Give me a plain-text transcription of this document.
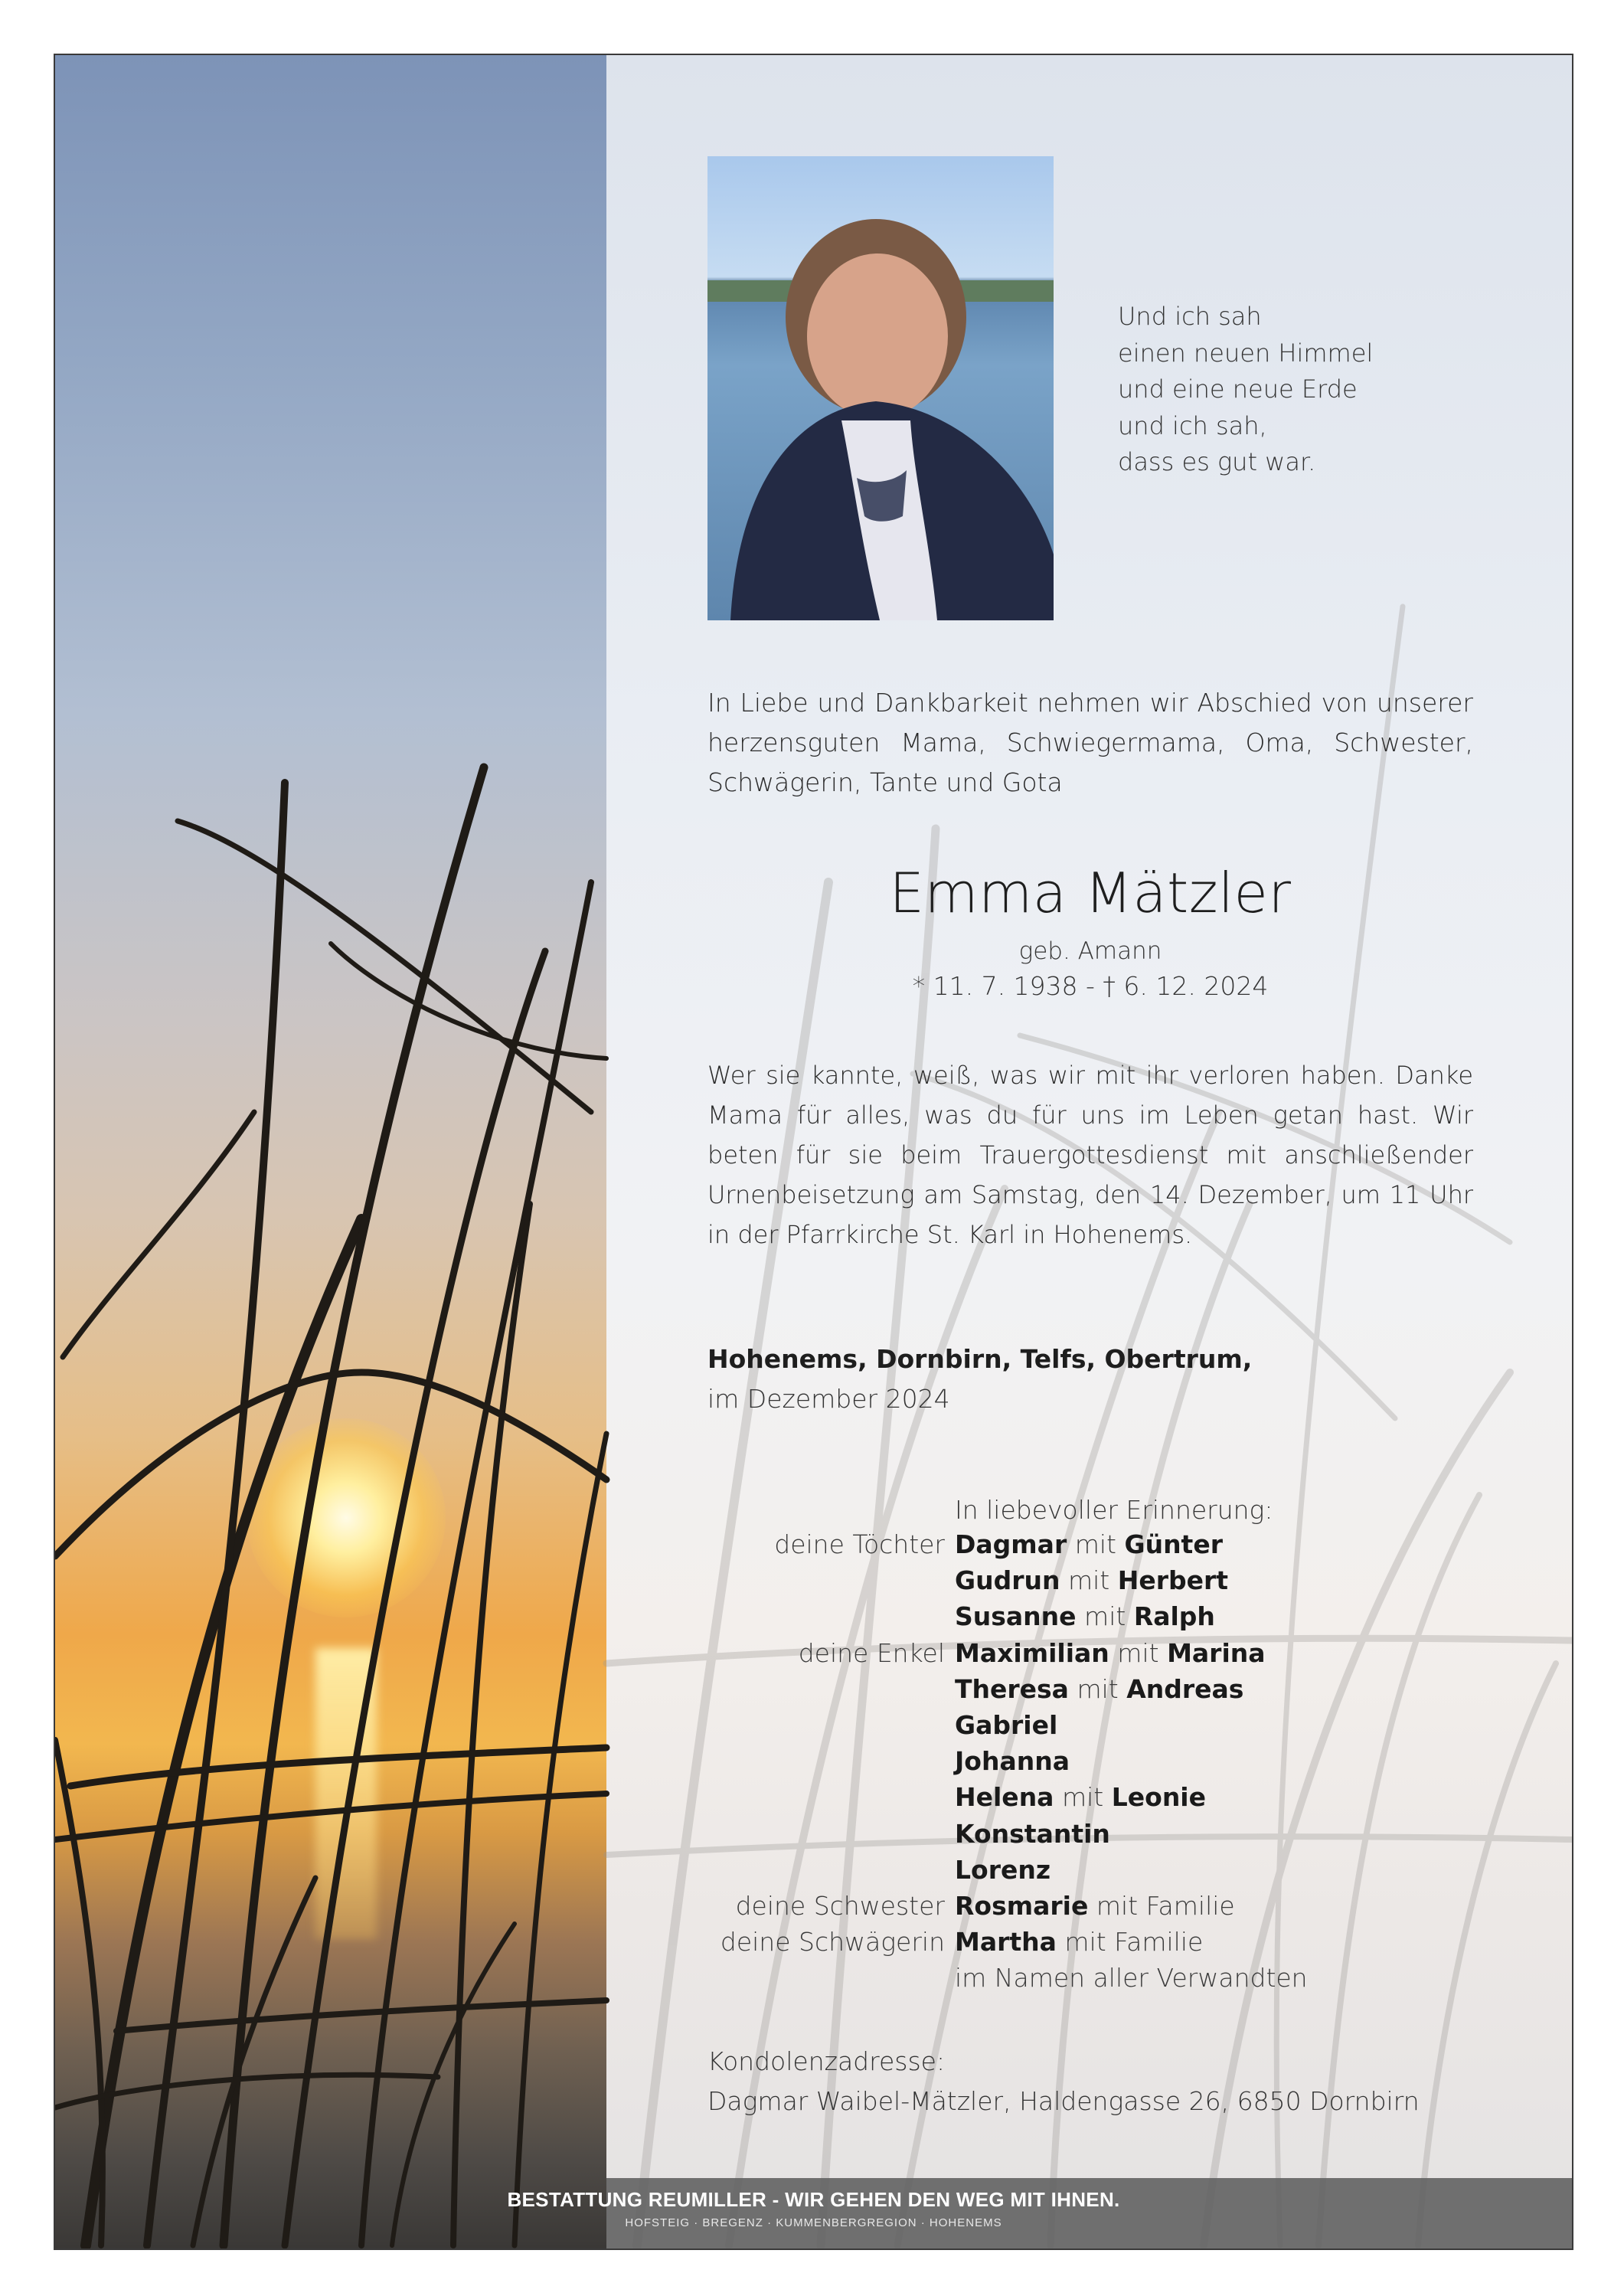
Und ich sah
einen neuen Himmel
und eine neue Erde
und ich sah,
dass es gut war.

In Liebe und Dankbarkeit nehmen wir Abschied von unserer herzensguten Mama, Schwiegermama, Oma, Schwester, Schwägerin, Tante und Gota

Emma Mätzler

geb. Amann

* 11. 7. 1938 - † 6. 12. 2024

Wer sie kannte, weiß, was wir mit ihr verloren haben. Danke Mama für alles, was du für uns im Leben getan hast. Wir beten für sie beim Trauergottesdienst mit anschließender Urnenbeisetzung am Samstag, den 14. Dezember, um 11 Uhr in der Pfarrkirche St. Karl in Hohenems.

Hohenems, Dornbirn, Telfs, Obertrum,

im Dezember 2024

In liebevoller Erinnerung:

deine Töchter Dagmar
mit
Günter
Gudrun
mit
Herbert
Susanne
mit
Ralph
deine Enkel Maximilian
mit
Marina
Theresa
mit
Andreas
Gabriel
Johanna
Helena
mit
Leonie
Konstantin
Lorenz
deine Schwester Rosmarie
mit Familie
deine Schwägerin Martha
mit Familie
im Namen aller Verwandten

Kondolenzadresse:

Dagmar Waibel-Mätzler, Haldengasse 26, 6850 Dornbirn

BESTATTUNG REUMILLER - WIR GEHEN DEN WEG MIT IHNEN.

HOFSTEIG · BREGENZ · KUMMENBERGREGION · HOHENEMS
